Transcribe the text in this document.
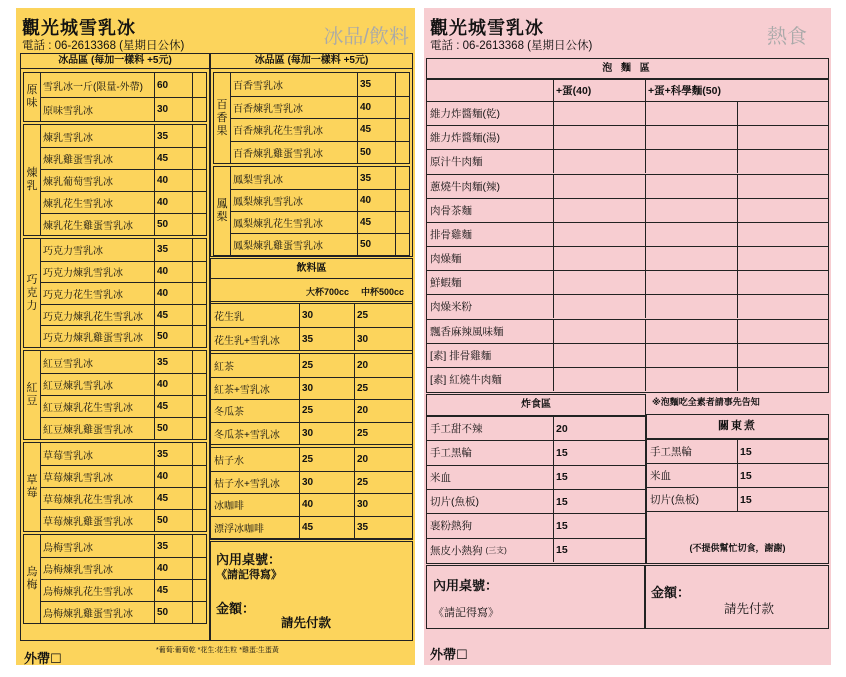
觀光城雪乳冰
電話 : 06-2613368 (星期日公休)	冰品/飲料
冰品區 (每加一樣料 +5元)
原味
雪乳冰一斤(限量-外帶)	60
原味雪乳冰	30
煉乳
煉乳雪乳冰	35
煉乳雞蛋雪乳冰	45
煉乳葡萄雪乳冰	40
煉乳花生雪乳冰	40
煉乳花生雞蛋雪乳冰	50
巧克力
巧克力雪乳冰	35
巧克力煉乳雪乳冰	40
巧克力花生雪乳冰	40
巧克力煉乳花生雪乳冰	45
巧克力煉乳雞蛋雪乳冰	50
紅豆
紅豆雪乳冰	35
紅豆煉乳雪乳冰	40
紅豆煉乳花生雪乳冰	45
紅豆煉乳雞蛋雪乳冰	50
草莓
草莓雪乳冰	35
草莓煉乳雪乳冰	40
草莓煉乳花生雪乳冰	45
草莓煉乳雞蛋雪乳冰	50
烏梅
烏梅雪乳冰	35
烏梅煉乳雪乳冰	40
烏梅煉乳花生雪乳冰	45
烏梅煉乳雞蛋雪乳冰	50
冰品區 (每加一樣料 +5元)
百香果
百香雪乳冰	35
百香煉乳雪乳冰	40
百香煉乳花生雪乳冰	45
百香煉乳雞蛋雪乳冰	50
鳳梨
鳳梨雪乳冰	35
鳳梨煉乳雪乳冰	40
鳳梨煉乳花生雪乳冰	45
鳳梨煉乳雞蛋雪乳冰	50
飲料區
大杯700cc 中杯500cc
花生乳	30	25
花生乳+雪乳冰	35	30
紅茶	25	20
紅茶+雪乳冰	30	25
冬瓜茶	25	20
冬瓜茶+雪乳冰	30	25
桔子水	25	20
桔子水+雪乳冰	30	25
冰咖啡	40	30
漂浮冰咖啡	45	35
內用桌號：
《請記得寫》
金額：
請先付款
外帶☐
*葡萄:葡萄乾 *花生:花生粒 *雞蛋:生蛋黃
觀光城雪乳冰
電話 : 06-2613368 (星期日公休)	熱食
泡 麵 區
+蛋(40)	+蛋+科學麵(50)
維力炸醬麵(乾)
維力炸醬麵(湯)
原汁牛肉麵
蔥燒牛肉麵(辣)
肉骨茶麵
排骨雞麵
肉燥麵
鮮蝦麵
肉燥米粉
飄香麻辣風味麵
[素] 排骨雞麵
[素] 紅燒牛肉麵
炸食區
手工甜不辣	20
手工黑輪	15
米血	15
切片(魚板)	15
裹粉熱狗	15
無皮小熱狗 (三支)	15
※泡麵吃全素者請事先告知
關東煮
(不提供幫忙切食，謝謝)
手工黑輪	15
米血	15
切片(魚板)	15
內用桌號：
《請記得寫》
金額：
請先付款
外帶☐
